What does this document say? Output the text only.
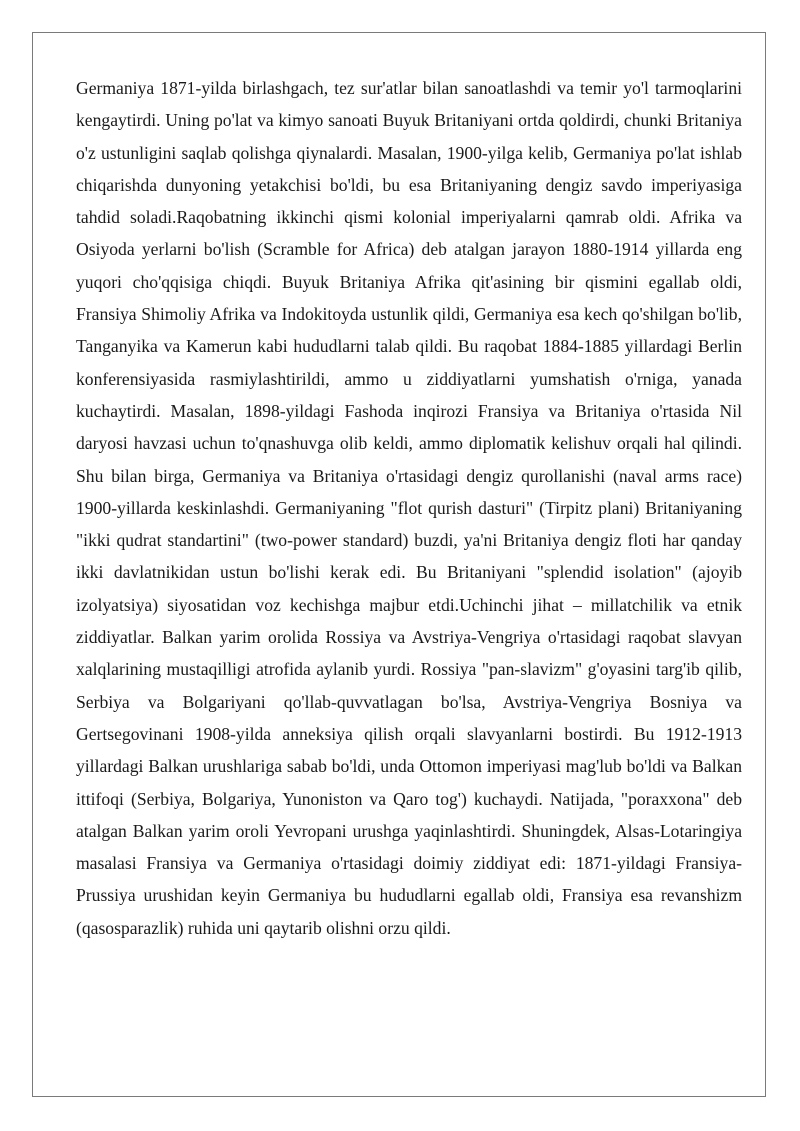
Germaniya 1871-yilda birlashgach, tez sur'atlar bilan sanoatlashdi va temir yo'l tarmoqlarini kengaytirdi. Uning po'lat va kimyo sanoati Buyuk Britaniyani ortda qoldirdi, chunki Britaniya o'z ustunligini saqlab qolishga qiynalardi. Masalan, 1900-yilga kelib, Germaniya po'lat ishlab chiqarishda dunyoning yetakchisi bo'ldi, bu esa Britaniyaning dengiz savdo imperiyasiga tahdid soladi.Raqobatning ikkinchi qismi kolonial imperiyalarni qamrab oldi. Afrika va Osiyoda yerlarni bo'lish (Scramble for Africa) deb atalgan jarayon 1880-1914 yillarda eng yuqori cho'qqisiga chiqdi. Buyuk Britaniya Afrika qit'asining bir qismini egallab oldi, Fransiya Shimoliy Afrika va Indokitoyda ustunlik qildi, Germaniya esa kech qo'shilgan bo'lib, Tanganyika va Kamerun kabi hududlarni talab qildi. Bu raqobat 1884-1885 yillardagi Berlin konferensiyasida rasmiylashtirildi, ammo u ziddiyatlarni yumshatish o'rniga, yanada kuchaytirdi. Masalan, 1898-yildagi Fashoda inqirozi Fransiya va Britaniya o'rtasida Nil daryosi havzasi uchun to'qnashuvga olib keldi, ammo diplomatik kelishuv orqali hal qilindi. Shu bilan birga, Germaniya va Britaniya o'rtasidagi dengiz qurollanishi (naval arms race) 1900-yillarda keskinlashdi. Germaniyaning "flot qurish dasturi" (Tirpitz plani) Britaniyaning "ikki qudrat standartini" (two-power standard) buzdi, ya'ni Britaniya dengiz floti har qanday ikki davlatnikidan ustun bo'lishi kerak edi. Bu Britaniyani "splendid isolation" (ajoyib izolyatsiya) siyosatidan voz kechishga majbur etdi.Uchinchi jihat – millatchilik va etnik ziddiyatlar. Balkan yarim orolida Rossiya va Avstriya-Vengriya o'rtasidagi raqobat slavyan xalqlarining mustaqilligi atrofida aylanib yurdi. Rossiya "pan-slavizm" g'oyasini targ'ib qilib, Serbiya va Bolgariyani qo'llab-quvvatlagan bo'lsa, Avstriya-Vengriya Bosniya va Gertsegovinani 1908-yilda anneksiya qilish orqali slavyanlarni bostirdi. Bu 1912-1913 yillardagi Balkan urushlariga sabab bo'ldi, unda Ottomon imperiyasi mag'lub bo'ldi va Balkan ittifoqi (Serbiya, Bolgariya, Yunoniston va Qaro tog') kuchaydi. Natijada, "poraxxona" deb atalgan Balkan yarim oroli Yevropani urushga yaqinlashtirdi. Shuningdek, Alsas-Lotaringiya masalasi Fransiya va Germaniya o'rtasidagi doimiy ziddiyat edi: 1871-yildagi Fransiya-Prussiya urushidan keyin Germaniya bu hududlarni egallab oldi, Fransiya esa revanshizm (qasosparazlik) ruhida uni qaytarib olishni orzu qildi.
